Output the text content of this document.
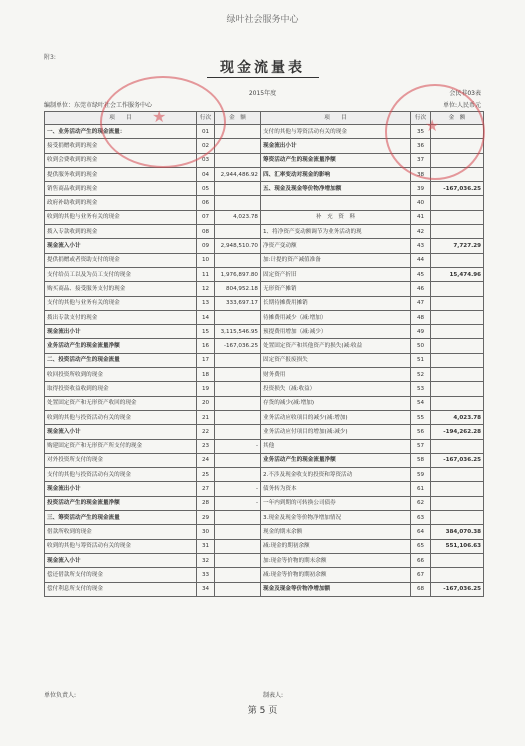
绿叶社会服务中心
附3:
现金流量表
2015年度	会民非03表
编制单位：东莞市绿叶社会工作服务中心	单位:人民币元
项　　目	行次	金　额	项　　目	行次	金　额
一、业务活动产生的现金流量：	01		支付的其他与筹资活动有关的现金	35	
接受捐赠收到的现金	02		现金流出小计	36	
收到会费收到的现金	03		筹资活动产生的现金流量净额	37	
提供服务收到的现金	04	2,944,486.92	四、汇率变动对现金的影响	38	
销售商品收到的现金	05		五、现金及现金等价物净增加额	39	-167,036.25
政府补助收到的现金	06			40	
收到的其他与业务有关的现金	07	4,023.78	补　充　资　料	41	
拨入专款收到的现金	08		1、将净资产变动额调节为业务活动的现	42	
现金流入小计	09	2,948,510.70	净资产变动额	43	7,727.29
提供捐赠或者资助支付的现金	10		加:计提的资产减值准备	44	
支付给员工以及为员工支付的现金	11	1,976,897.80	固定资产折旧	45	15,474.96
购买商品、接受服务支付的现金	12	804,952.18	无形资产摊销	46	
支付的其他与业务有关的现金	13	333,697.17	长期待摊费用摊销	47	
拨出专款支付的现金	14		待摊费用减少（减:增加）	48	
现金流出小计	15	3,115,546.95	预提费用增加（减:减少）	49	
业务活动产生的现金流量净额	16	-167,036.25	处置固定资产和其他资产的损失(减:收益	50	
二、投资活动产生的现金流量	17		固定资产报废损失	51	
收回投资所收到的现金	18		财务费用	52	
取得投资收益收到的现金	19		投资损失（减:收益）	53	
处置固定资产和无形资产收回的现金	20		存货的减少(减:增加)	54	
收到的其他与投资活动有关的现金	21		业务活动应收项目的减少(减:增加)	55	4,023.78
现金流入小计	22		业务活动应付项目的增加(减:减少)	56	-194,262.28
购建固定资产和无形资产所支付的现金	23	-	其他	57	
对外投资所支付的现金	24		业务活动产生的现金流量净额	58	-167,036.25
支付的其他与投资活动有关的现金	25		2.不涉及现金收支的投资和筹资活动	59	
现金流出小计	27	-	债务转为资本	61	
投资活动产生的现金流量净额	28	-	一年内到期的可转换公司债券	62	
三、筹资活动产生的现金流量	29		3.现金及现金等价物净增加情况	63	
借款所收到的现金	30		现金的期末余额	64	384,070.38
收到的其他与筹资活动有关的现金	31		减:现金的期初余额	65	551,106.63
现金流入小计	32		加:现金等价物的期末余额	66	
偿还借款所支付的现金	33		减:现金等价物的期初余额	67	
偿付利息所支付的现金	34		现金及现金等价物净增加额	68	-167,036.25
★	★
单位负责人:	制表人:
第 5 页
